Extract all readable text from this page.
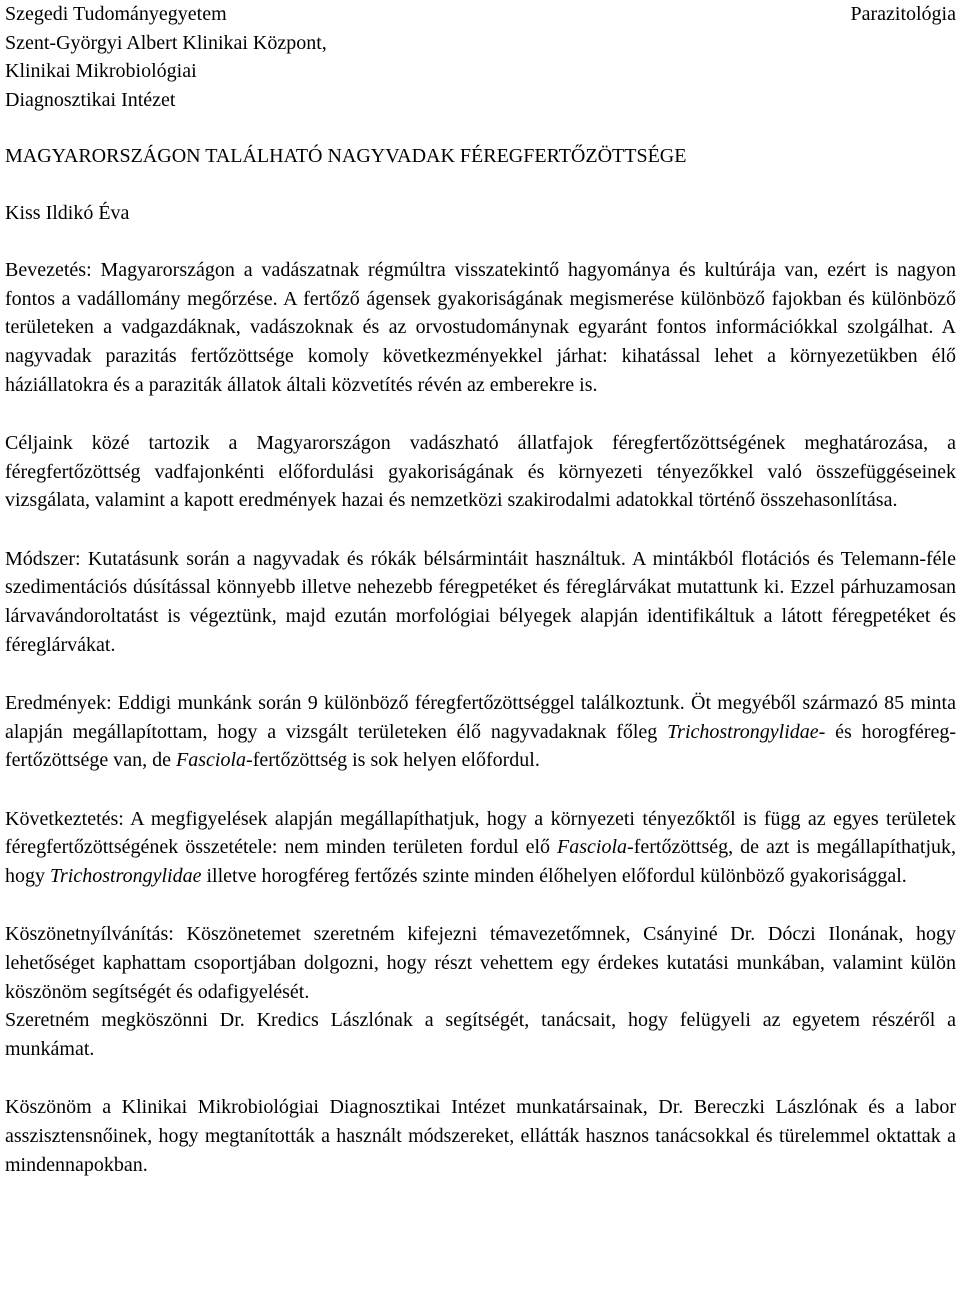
Szegedi Tudományegyetem
Szent-Györgyi Albert Klinikai Központ,
Klinikai Mikrobiológiai
Diagnosztikai Intézet
Parazitológia
MAGYARORSZÁGON TALÁLHATÓ NAGYVADAK FÉREGFERTŐZÖTTSÉGE
Kiss Ildikó Éva

Bevezetés: Magyarországon a vadászatnak régmúltra visszatekintő hagyománya és kultúrája van, ezért is nagyon fontos a vadállomány megőrzése. A fertőző ágensek gyakoriságának megismerése különböző fajokban és különböző területeken a vadgazdáknak, vadászoknak és az orvostudománynak egyaránt fontos információkkal szolgálhat. A nagyvadak parazitás fertőzöttsége komoly következményekkel járhat: kihatással lehet a környezetükben élő háziállatokra és a paraziták állatok általi közvetítés révén az emberekre is.

Céljaink közé tartozik a Magyarországon vadászható állatfajok féregfertőzöttségének meghatározása, a féregfertőzöttség vadfajonkénti előfordulási gyakoriságának és környezeti tényezőkkel való összefüggéseinek vizsgálata, valamint a kapott eredmények hazai és nemzetközi szakirodalmi adatokkal történő összehasonlítása.

Módszer: Kutatásunk során a nagyvadak és rókák bélsármintáit használtuk. A mintákból flotációs és Telemann-féle szedimentációs dúsítással könnyebb illetve nehezebb féregpetéket és féreglárvákat mutattunk ki. Ezzel párhuzamosan lárvavándoroltatást is végeztünk, majd ezután morfológiai bélyegek alapján identifikáltuk a látott féregpetéket és féreglárvákat.

Eredmények: Eddigi munkánk során 9 különböző féregfertőzöttséggel találkoztunk. Öt megyéből származó 85 minta alapján megállapítottam, hogy a vizsgált területeken élő nagyvadaknak főleg Trichostrongylidae- és horogféreg-fertőzöttsége van, de Fasciola-fertőzöttség is sok helyen előfordul.

Következtetés: A megfigyelések alapján megállapíthatjuk, hogy a környezeti tényezőktől is függ az egyes területek féregfertőzöttségének összetétele: nem minden területen fordul elő Fasciola-fertőzöttség, de azt is megállapíthatjuk, hogy Trichostrongylidae illetve horogféreg fertőzés szinte minden élőhelyen előfordul különböző gyakorisággal.

Köszönetnyílvánítás: Köszönetemet szeretném kifejezni témavezetőmnek, Csányiné Dr. Dóczi Ilonának, hogy lehetőséget kaphattam csoportjában dolgozni, hogy részt vehettem egy érdekes kutatási munkában, valamint külön köszönöm segítségét és odafigyelését.

Szeretném megköszönni Dr. Kredics Lászlónak a segítségét, tanácsait, hogy felügyeli az egyetem részéről a munkámat.

Köszönöm a Klinikai Mikrobiológiai Diagnosztikai Intézet munkatársainak, Dr. Bereczki Lászlónak és a labor asszisztensnőinek, hogy megtanították a használt módszereket, ellátták hasznos tanácsokkal és türelemmel oktattak a mindennapokban.
